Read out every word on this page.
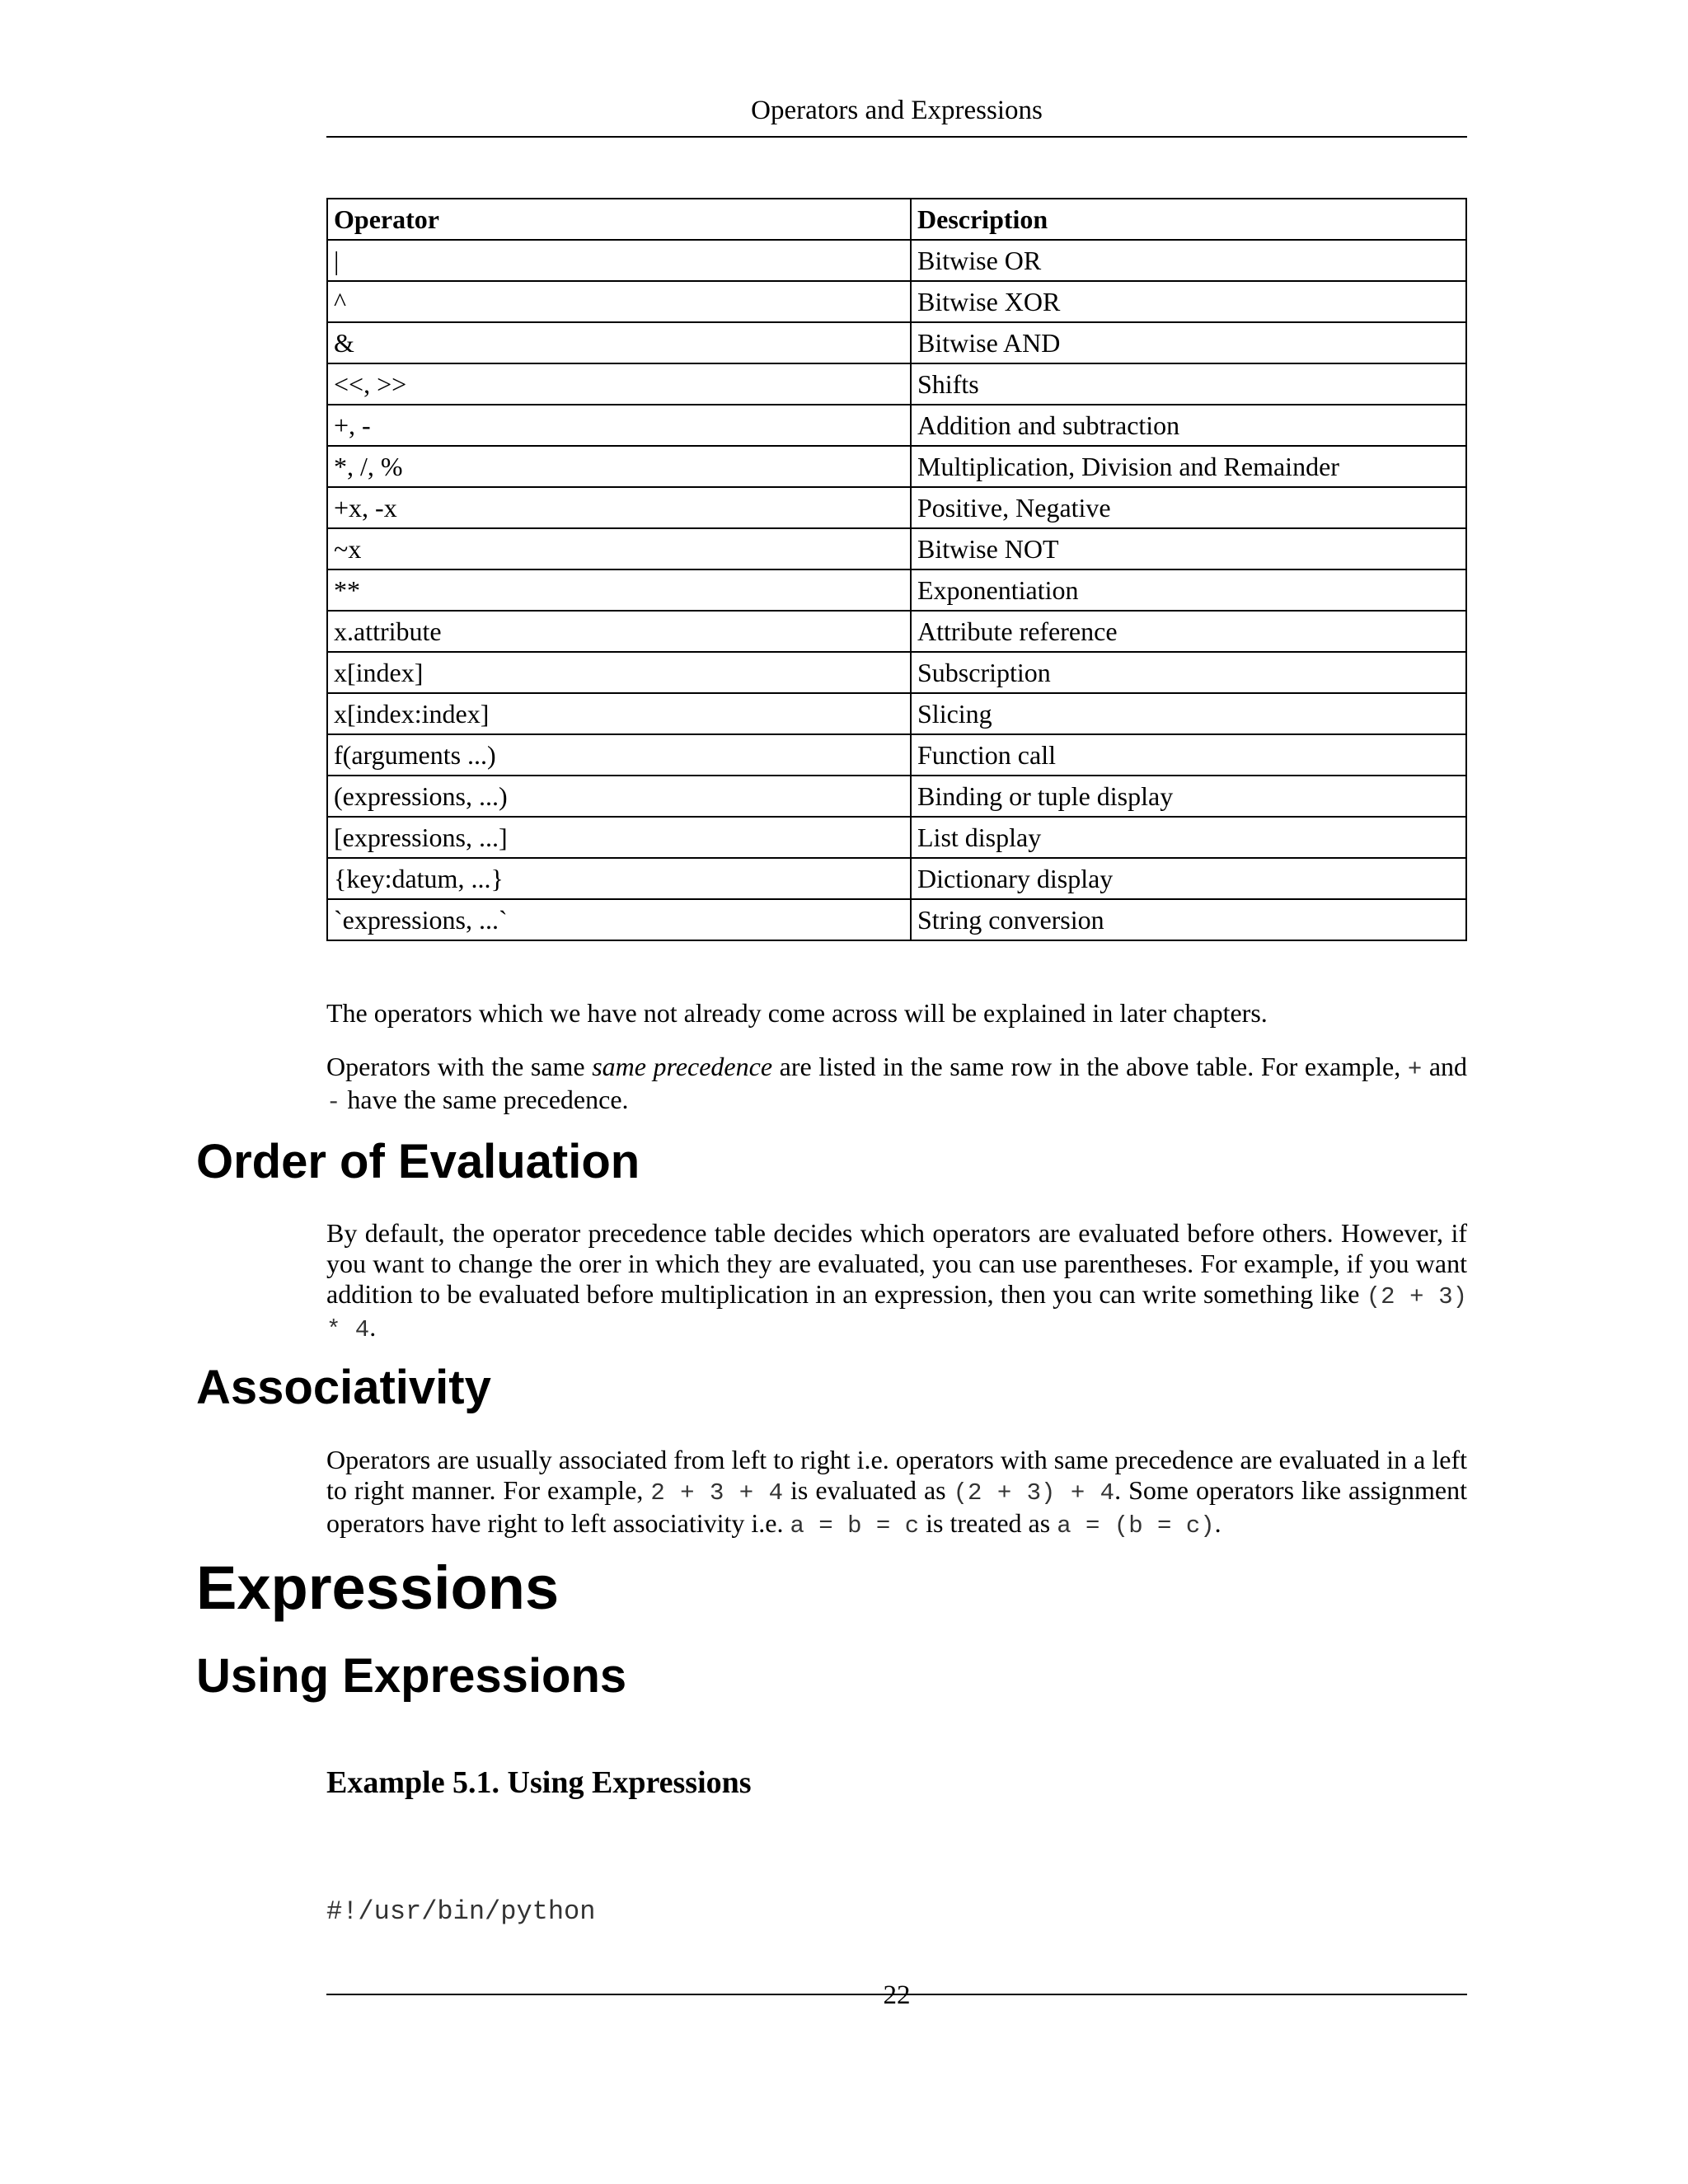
Operators and Expressions
Operator	Description
|	Bitwise OR
^	Bitwise XOR
&	Bitwise AND
<<, >>	Shifts
+, -	Addition and subtraction
*, /, %	Multiplication, Division and Remainder
+x, -x	Positive, Negative
~x	Bitwise NOT
**	Exponentiation
x.attribute	Attribute reference
x[index]	Subscription
x[index:index]	Slicing
f(arguments ...)	Function call
(expressions, ...)	Binding or tuple display
[expressions, ...]	List display
{key:datum, ...}	Dictionary display
`expressions, ...`	String conversion
The operators which we have not already come across will be explained in later chapters.
Operators with the same same precedence are listed in the same row in the above table. For example, + and - have the same precedence.
Order of Evaluation
By default, the operator precedence table decides which operators are evaluated before others. However, if you want to change the orer in which they are evaluated, you can use parentheses. For example, if you want addition to be evaluated before multiplication in an expression, then you can write something like (2 + 3) * 4.
Associativity
Operators are usually associated from left to right i.e. operators with same precedence are evaluated in a left to right manner. For example, 2 + 3 + 4 is evaluated as (2 + 3) + 4. Some operators like assignment operators have right to left associativity i.e. a = b = c is treated as a = (b = c).
Expressions
Using Expressions
Example 5.1. Using Expressions
#!/usr/bin/python
22
